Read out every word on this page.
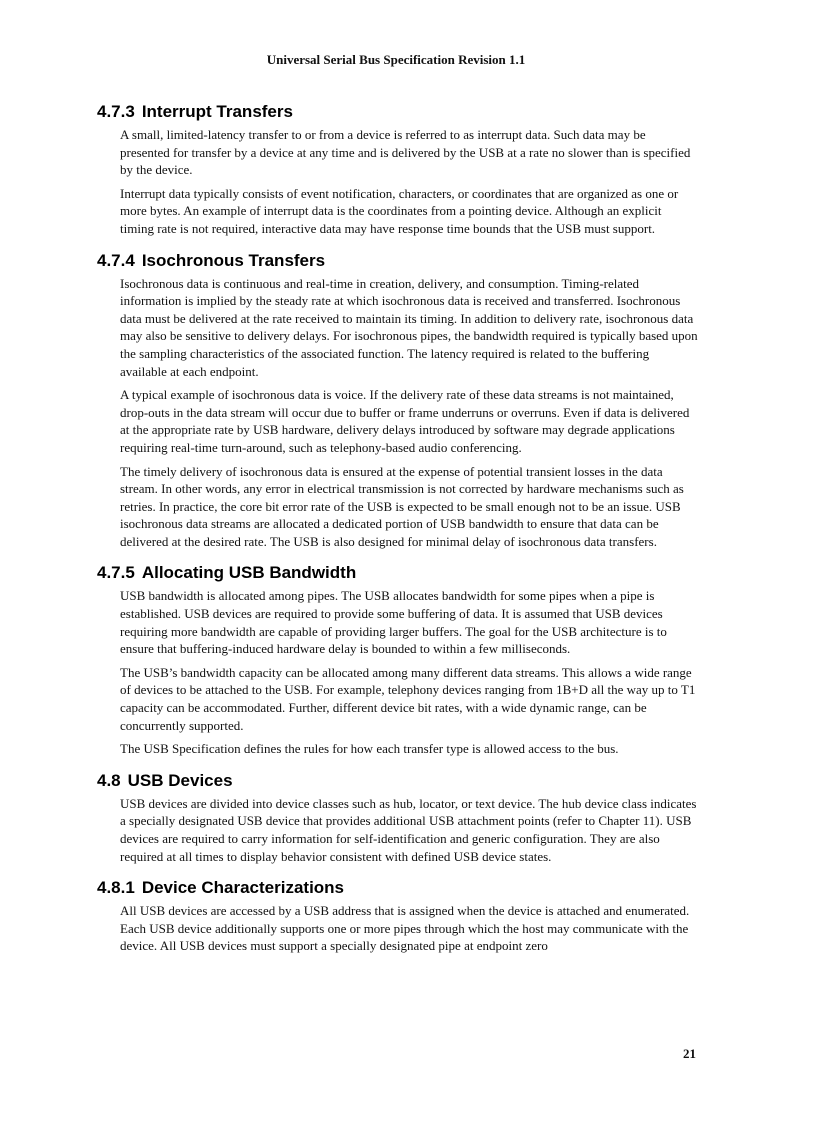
Universal Serial Bus Specification Revision 1.1
4.7.3 Interrupt Transfers

A small, limited-latency transfer to or from a device is referred to as interrupt data. Such data may be presented for transfer by a device at any time and is delivered by the USB at a rate no slower than is specified by the device.

Interrupt data typically consists of event notification, characters, or coordinates that are organized as one or more bytes. An example of interrupt data is the coordinates from a pointing device. Although an explicit timing rate is not required, interactive data may have response time bounds that the USB must support.

4.7.4 Isochronous Transfers

Isochronous data is continuous and real-time in creation, delivery, and consumption. Timing-related information is implied by the steady rate at which isochronous data is received and transferred. Isochronous data must be delivered at the rate received to maintain its timing. In addition to delivery rate, isochronous data may also be sensitive to delivery delays. For isochronous pipes, the bandwidth required is typically based upon the sampling characteristics of the associated function. The latency required is related to the buffering available at each endpoint.

A typical example of isochronous data is voice. If the delivery rate of these data streams is not maintained, drop-outs in the data stream will occur due to buffer or frame underruns or overruns. Even if data is delivered at the appropriate rate by USB hardware, delivery delays introduced by software may degrade applications requiring real-time turn-around, such as telephony-based audio conferencing.

The timely delivery of isochronous data is ensured at the expense of potential transient losses in the data stream. In other words, any error in electrical transmission is not corrected by hardware mechanisms such as retries. In practice, the core bit error rate of the USB is expected to be small enough not to be an issue. USB isochronous data streams are allocated a dedicated portion of USB bandwidth to ensure that data can be delivered at the desired rate. The USB is also designed for minimal delay of isochronous data transfers.

4.7.5 Allocating USB Bandwidth

USB bandwidth is allocated among pipes. The USB allocates bandwidth for some pipes when a pipe is established. USB devices are required to provide some buffering of data. It is assumed that USB devices requiring more bandwidth are capable of providing larger buffers. The goal for the USB architecture is to ensure that buffering-induced hardware delay is bounded to within a few milliseconds.

The USB’s bandwidth capacity can be allocated among many different data streams. This allows a wide range of devices to be attached to the USB. For example, telephony devices ranging from 1B+D all the way up to T1 capacity can be accommodated. Further, different device bit rates, with a wide dynamic range, can be concurrently supported.

The USB Specification defines the rules for how each transfer type is allowed access to the bus.

4.8 USB Devices

USB devices are divided into device classes such as hub, locator, or text device. The hub device class indicates a specially designated USB device that provides additional USB attachment points (refer to Chapter 11). USB devices are required to carry information for self-identification and generic configuration. They are also required at all times to display behavior consistent with defined USB device states.

4.8.1 Device Characterizations

All USB devices are accessed by a USB address that is assigned when the device is attached and enumerated. Each USB device additionally supports one or more pipes through which the host may communicate with the device. All USB devices must support a specially designated pipe at endpoint zero

21
